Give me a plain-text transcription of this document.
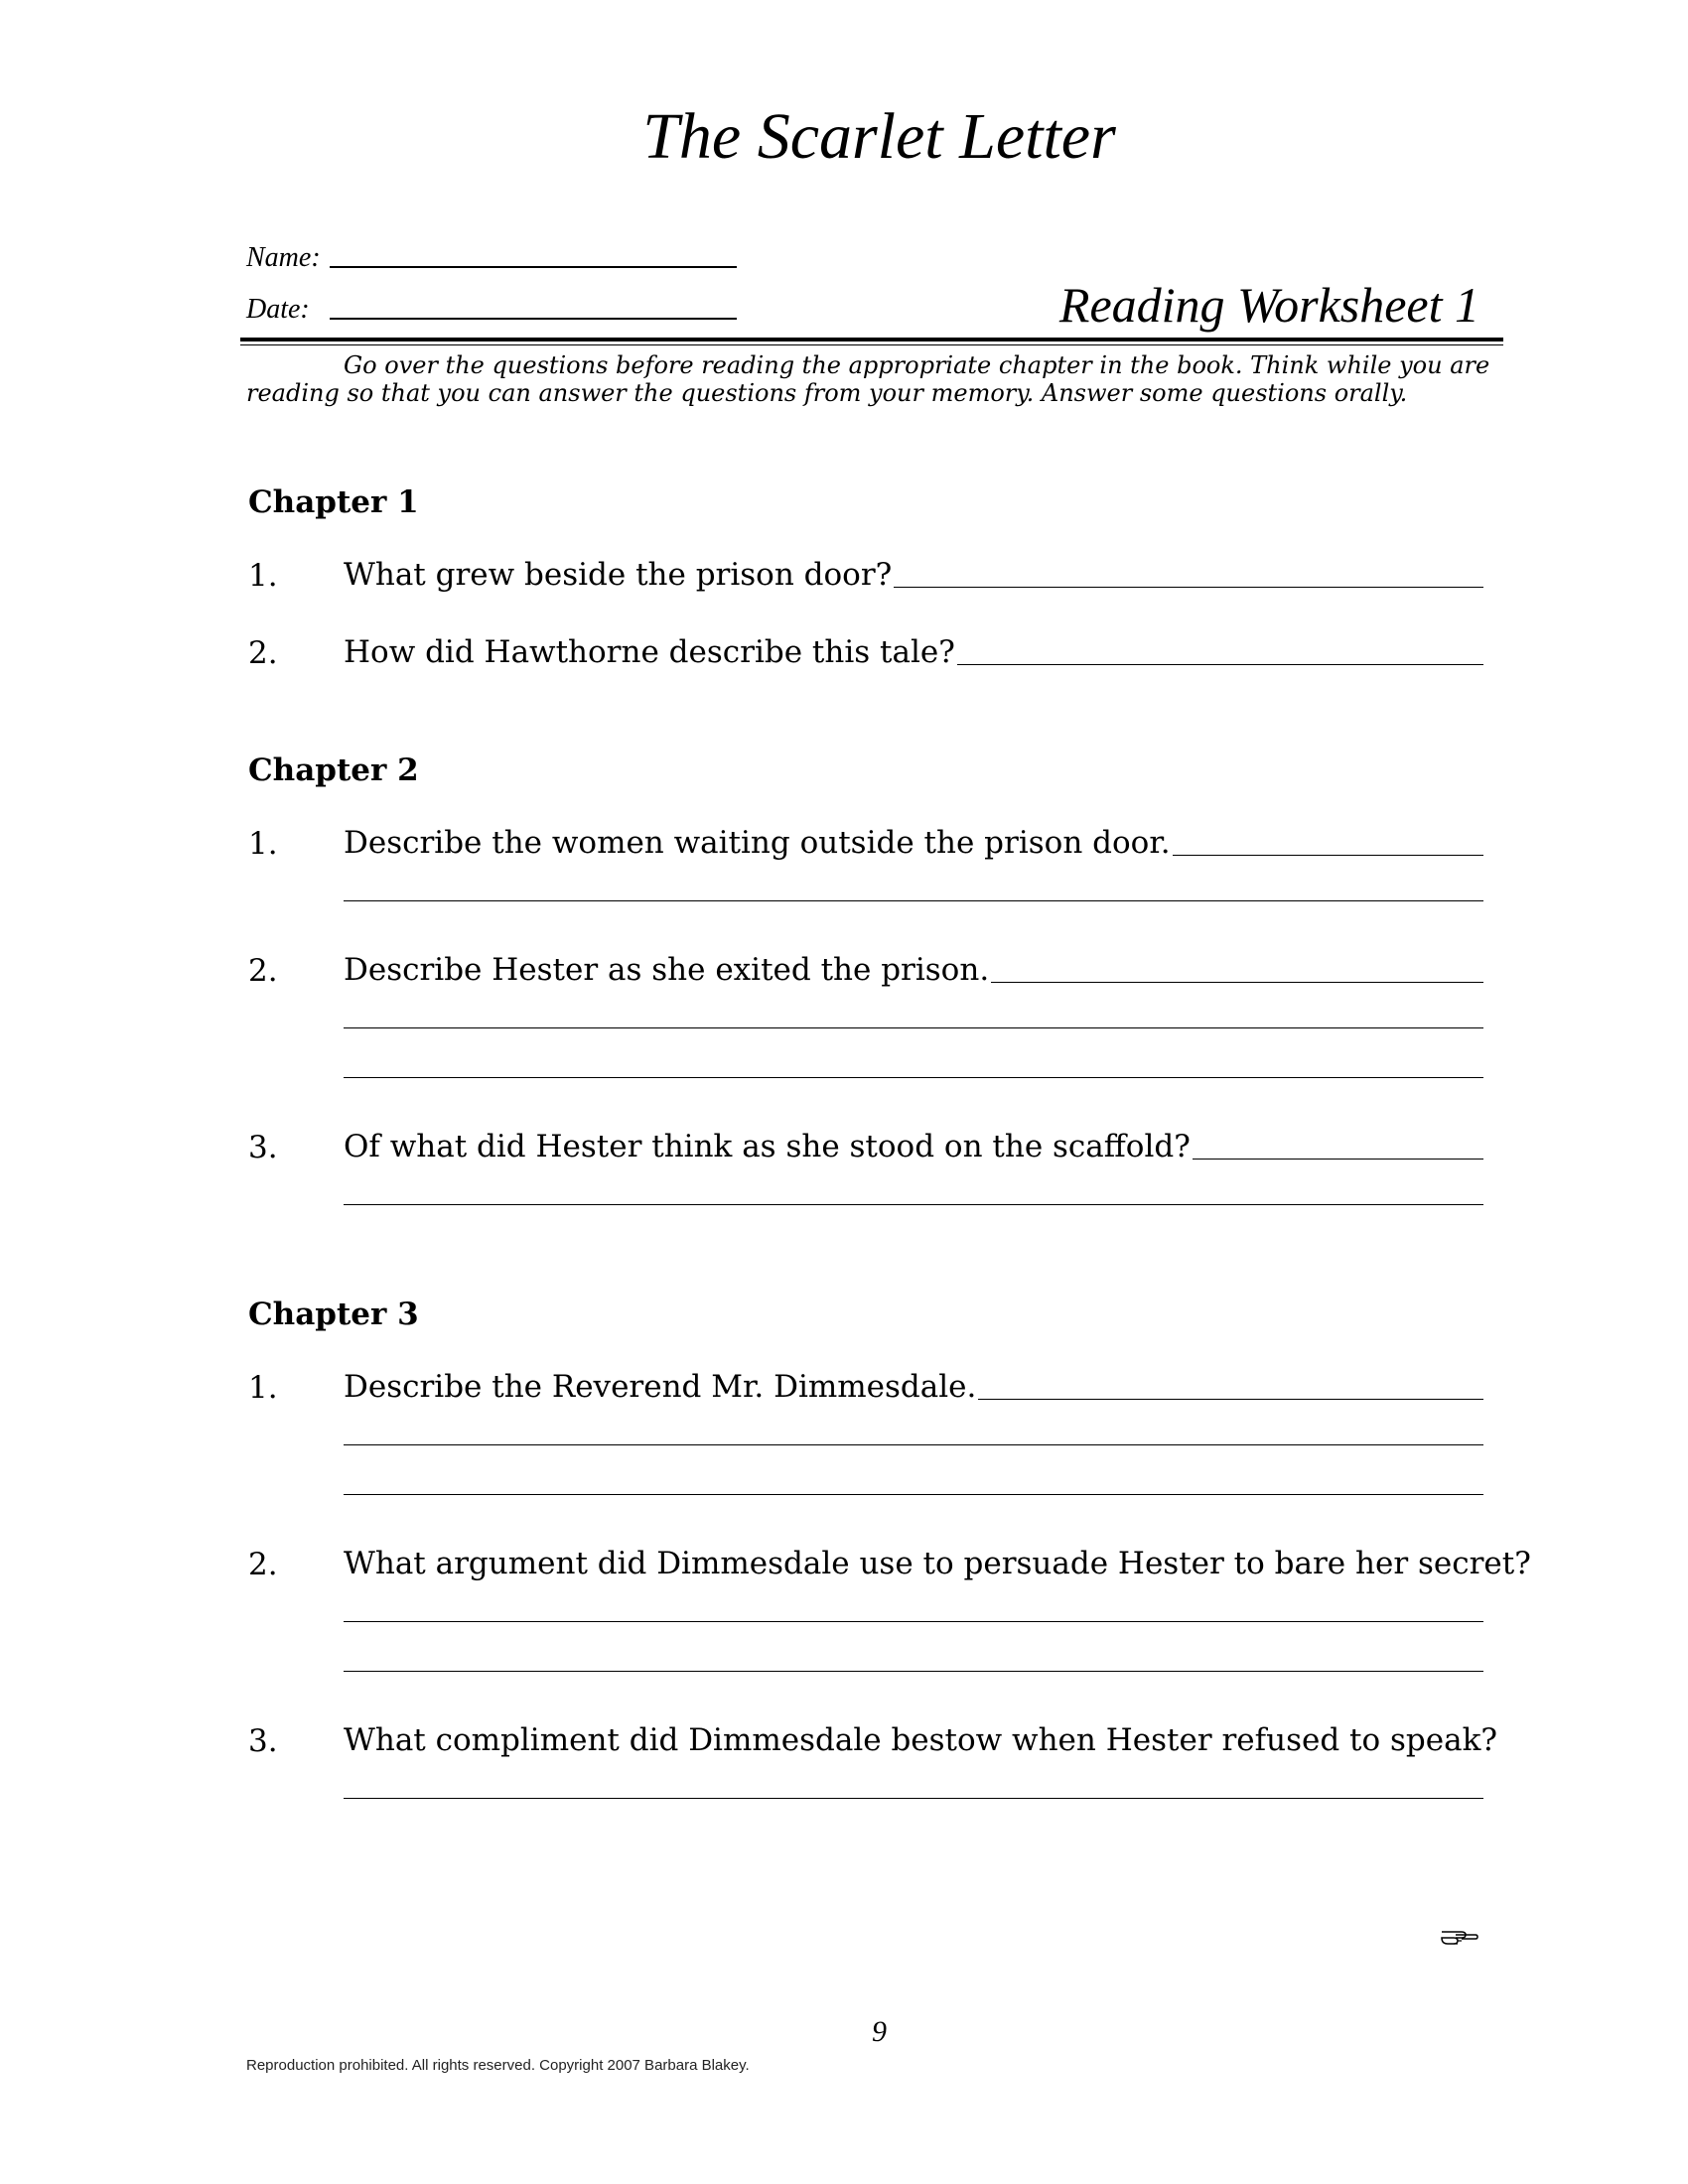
The Scarlet Letter
Name:
Date:	Reading Worksheet 1
Go over the questions before reading the appropriate chapter in the book. Think while you are reading so that you can answer the questions from your memory. Answer some questions orally.
Chapter 1
1. What grew beside the prison door?
2. How did Hawthorne describe this tale?
Chapter 2
1. Describe the women waiting outside the prison door.
2. Describe Hester as she exited the prison.
3. Of what did Hester think as she stood on the scaffold?
Chapter 3
1. Describe the Reverend Mr. Dimmesdale.
2. What argument did Dimmesdale use to persuade Hester to bare her secret?
3. What compliment did Dimmesdale bestow when Hester refused to speak?
9
Reproduction prohibited. All rights reserved. Copyright 2007 Barbara Blakey.
